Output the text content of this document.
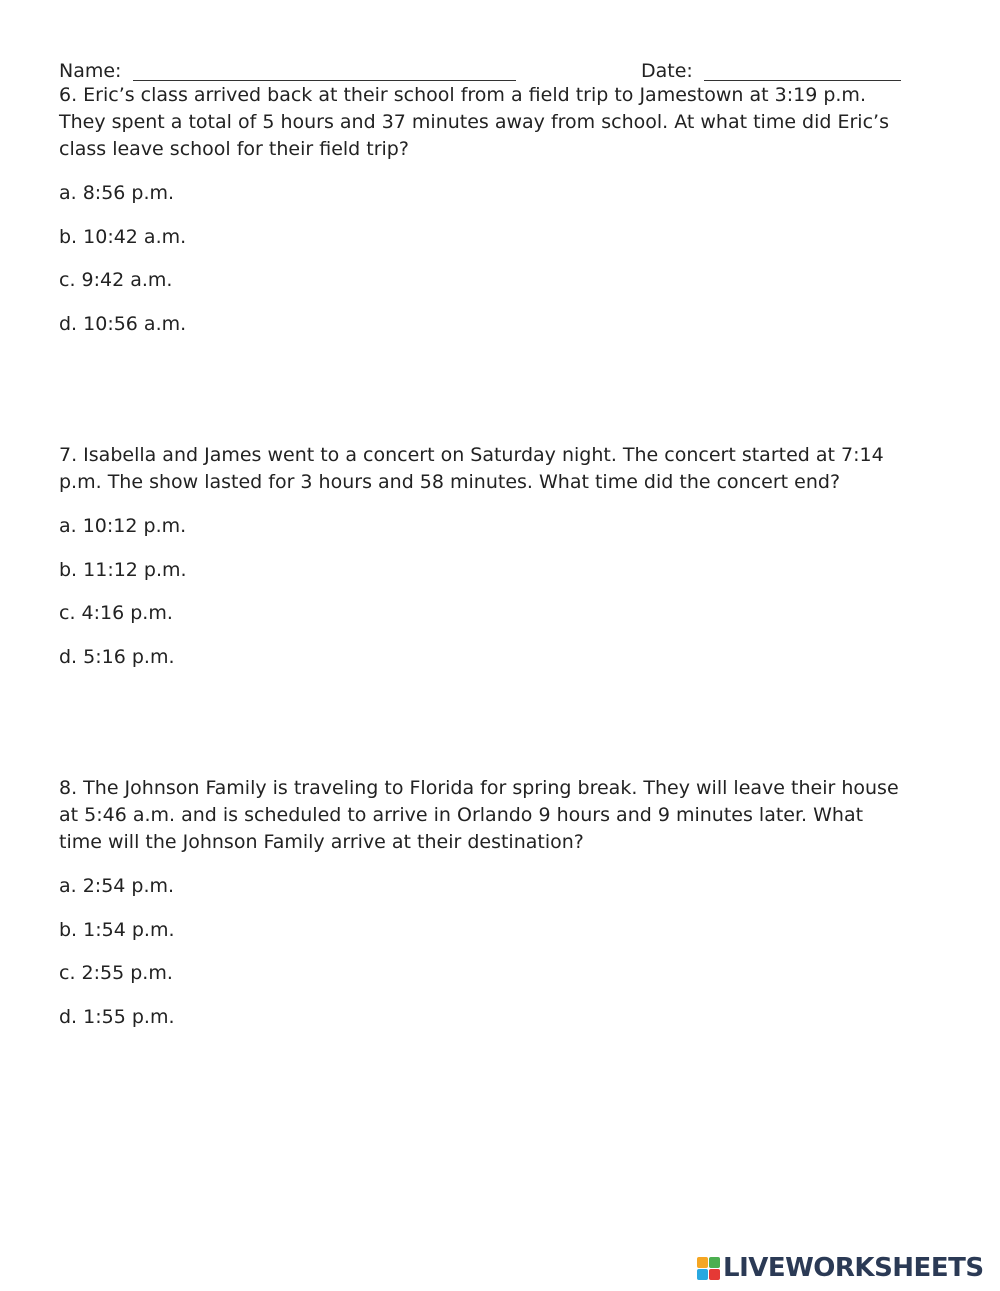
Name:	Date:
6. Eric’s class arrived back at their school from a field trip to Jamestown at 3:19 p.m.
They spent a total of 5 hours and 37 minutes away from school. At what time did Eric’s
class leave school for their field trip?
a. 8:56 p.m.
b. 10:42 a.m.
c. 9:42 a.m.
d. 10:56 a.m.
7. Isabella and James went to a concert on Saturday night. The concert started at 7:14
p.m. The show lasted for 3 hours and 58 minutes. What time did the concert end?
a. 10:12 p.m.
b. 11:12 p.m.
c. 4:16 p.m.
d. 5:16 p.m.
8. The Johnson Family is traveling to Florida for spring break. They will leave their house
at 5:46 a.m. and is scheduled to arrive in Orlando 9 hours and 9 minutes later. What
time will the Johnson Family arrive at their destination?
a. 2:54 p.m.
b. 1:54 p.m.
c. 2:55 p.m.
d. 1:55 p.m.
LIVEWORKSHEETS
